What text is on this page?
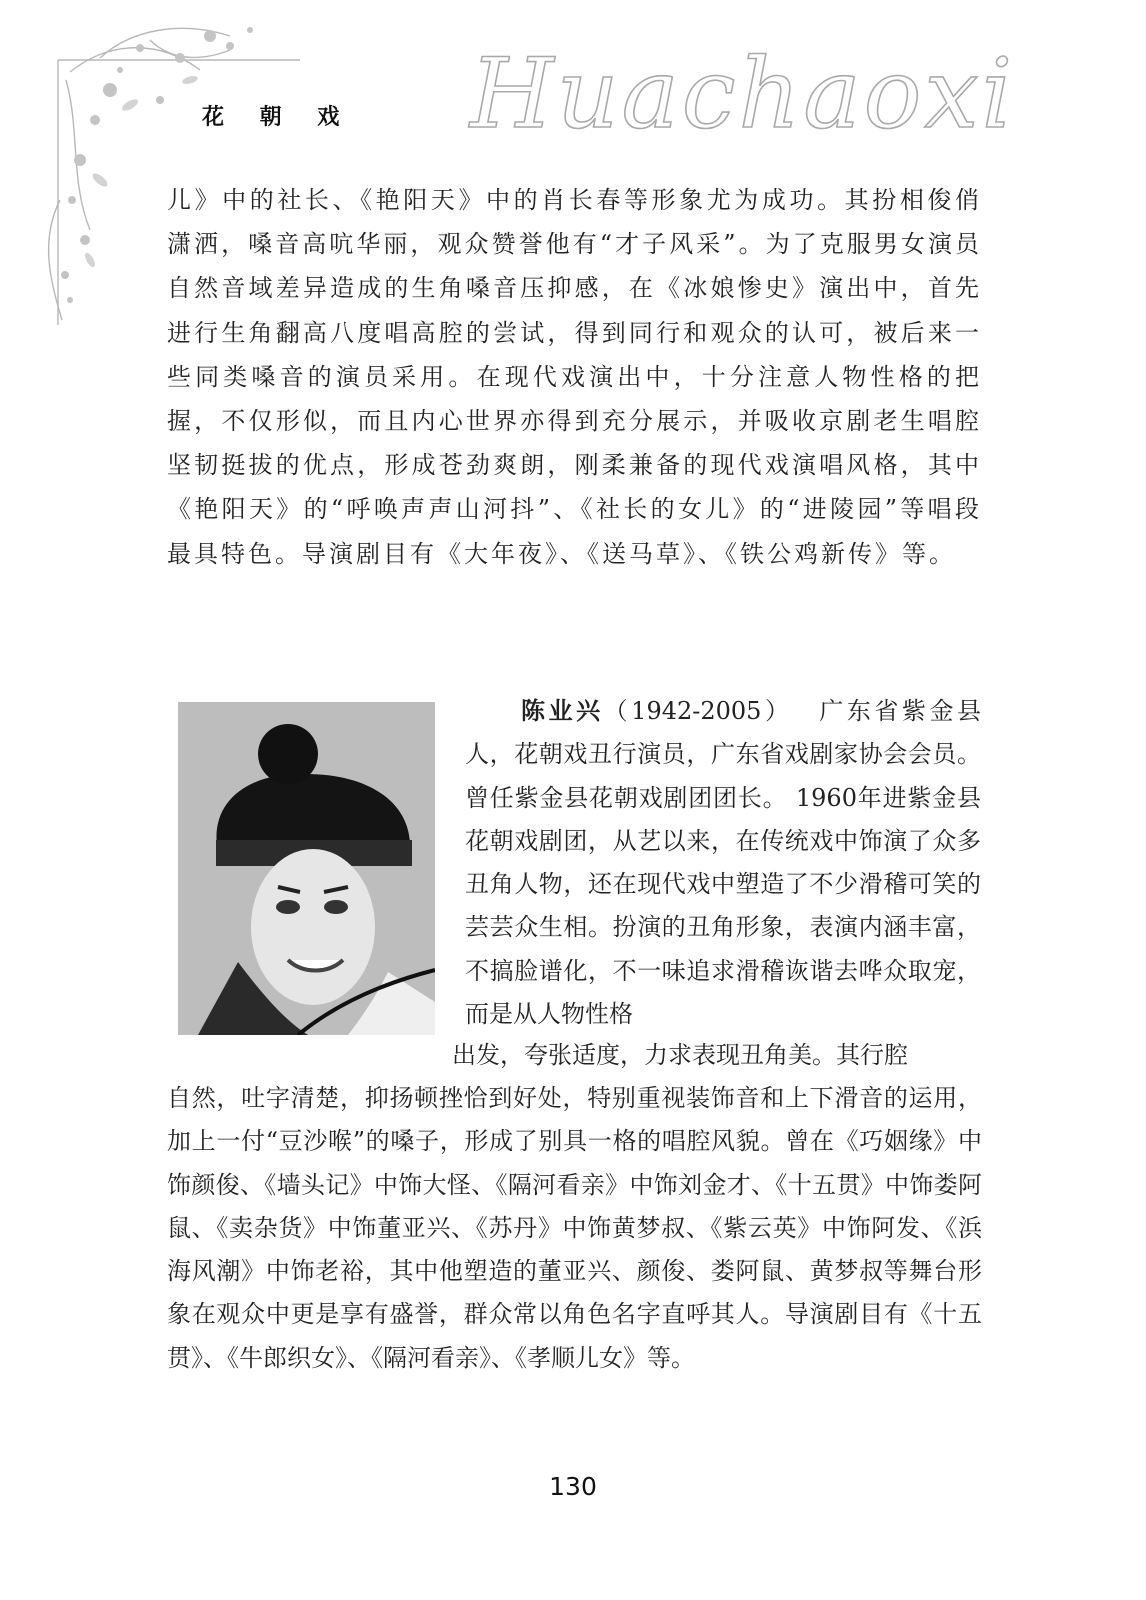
花 朝 戏 Huachaoxi

儿》中的社长、《艳阳天》中的肖长春等形象尤为成功。其扮相俊俏潇洒，嗓音高吭华丽，观众赞誉他有“才子风采”。为了克服男女演员自然音域差异造成的生角嗓音压抑感，在《冰娘惨史》演出中，首先进行生角翻高八度唱高腔的尝试，得到同行和观众的认可，被后来一些同类嗓音的演员采用。在现代戏演出中，十分注意人物性格的把握，不仅形似，而且内心世界亦得到充分展示，并吸收京剧老生唱腔坚韧挺拔的优点，形成苍劲爽朗，刚柔兼备的现代戏演唱风格，其中《艳阳天》的“呼唤声声山河抖”、《社长的女儿》的“进陵园”等唱段最具特色。导演剧目有《大年夜》、《送马草》、《铁公鸡新传》等。

陈业兴（1942-2005）　 广东省紫金县人，花朝戏丑行演员，广东省戏剧家协会会员。曾任紫金县花朝戏剧团团长。 1960年进紫金县花朝戏剧团，从艺以来，在传统戏中饰演了众多丑角人物，还在现代戏中塑造了不少滑稽可笑的芸芸众生相。扮演的丑角形象，表演内涵丰富，不搞脸谱化，不一味追求滑稽诙谐去哗众取宠，而是从人物性格

出发，夸张适度，力求表现丑角美。其行腔

自然，吐字清楚，抑扬顿挫恰到好处，特别重视装饰音和上下滑音的运用，加上一付“豆沙喉”的嗓子，形成了别具一格的唱腔风貌。曾在《巧姻缘》中饰颜俊、《墙头记》中饰大怪、《隔河看亲》中饰刘金才、《十五贯》中饰娄阿鼠、《卖杂货》中饰董亚兴、《苏丹》中饰黄梦叔、《紫云英》中饰阿发、《浜海风潮》中饰老裕，其中他塑造的董亚兴、颜俊、娄阿鼠、黄梦叔等舞台形象在观众中更是享有盛誉，群众常以角色名字直呼其人。导演剧目有《十五贯》、《牛郎织女》、《隔河看亲》、《孝顺儿女》等。

130
